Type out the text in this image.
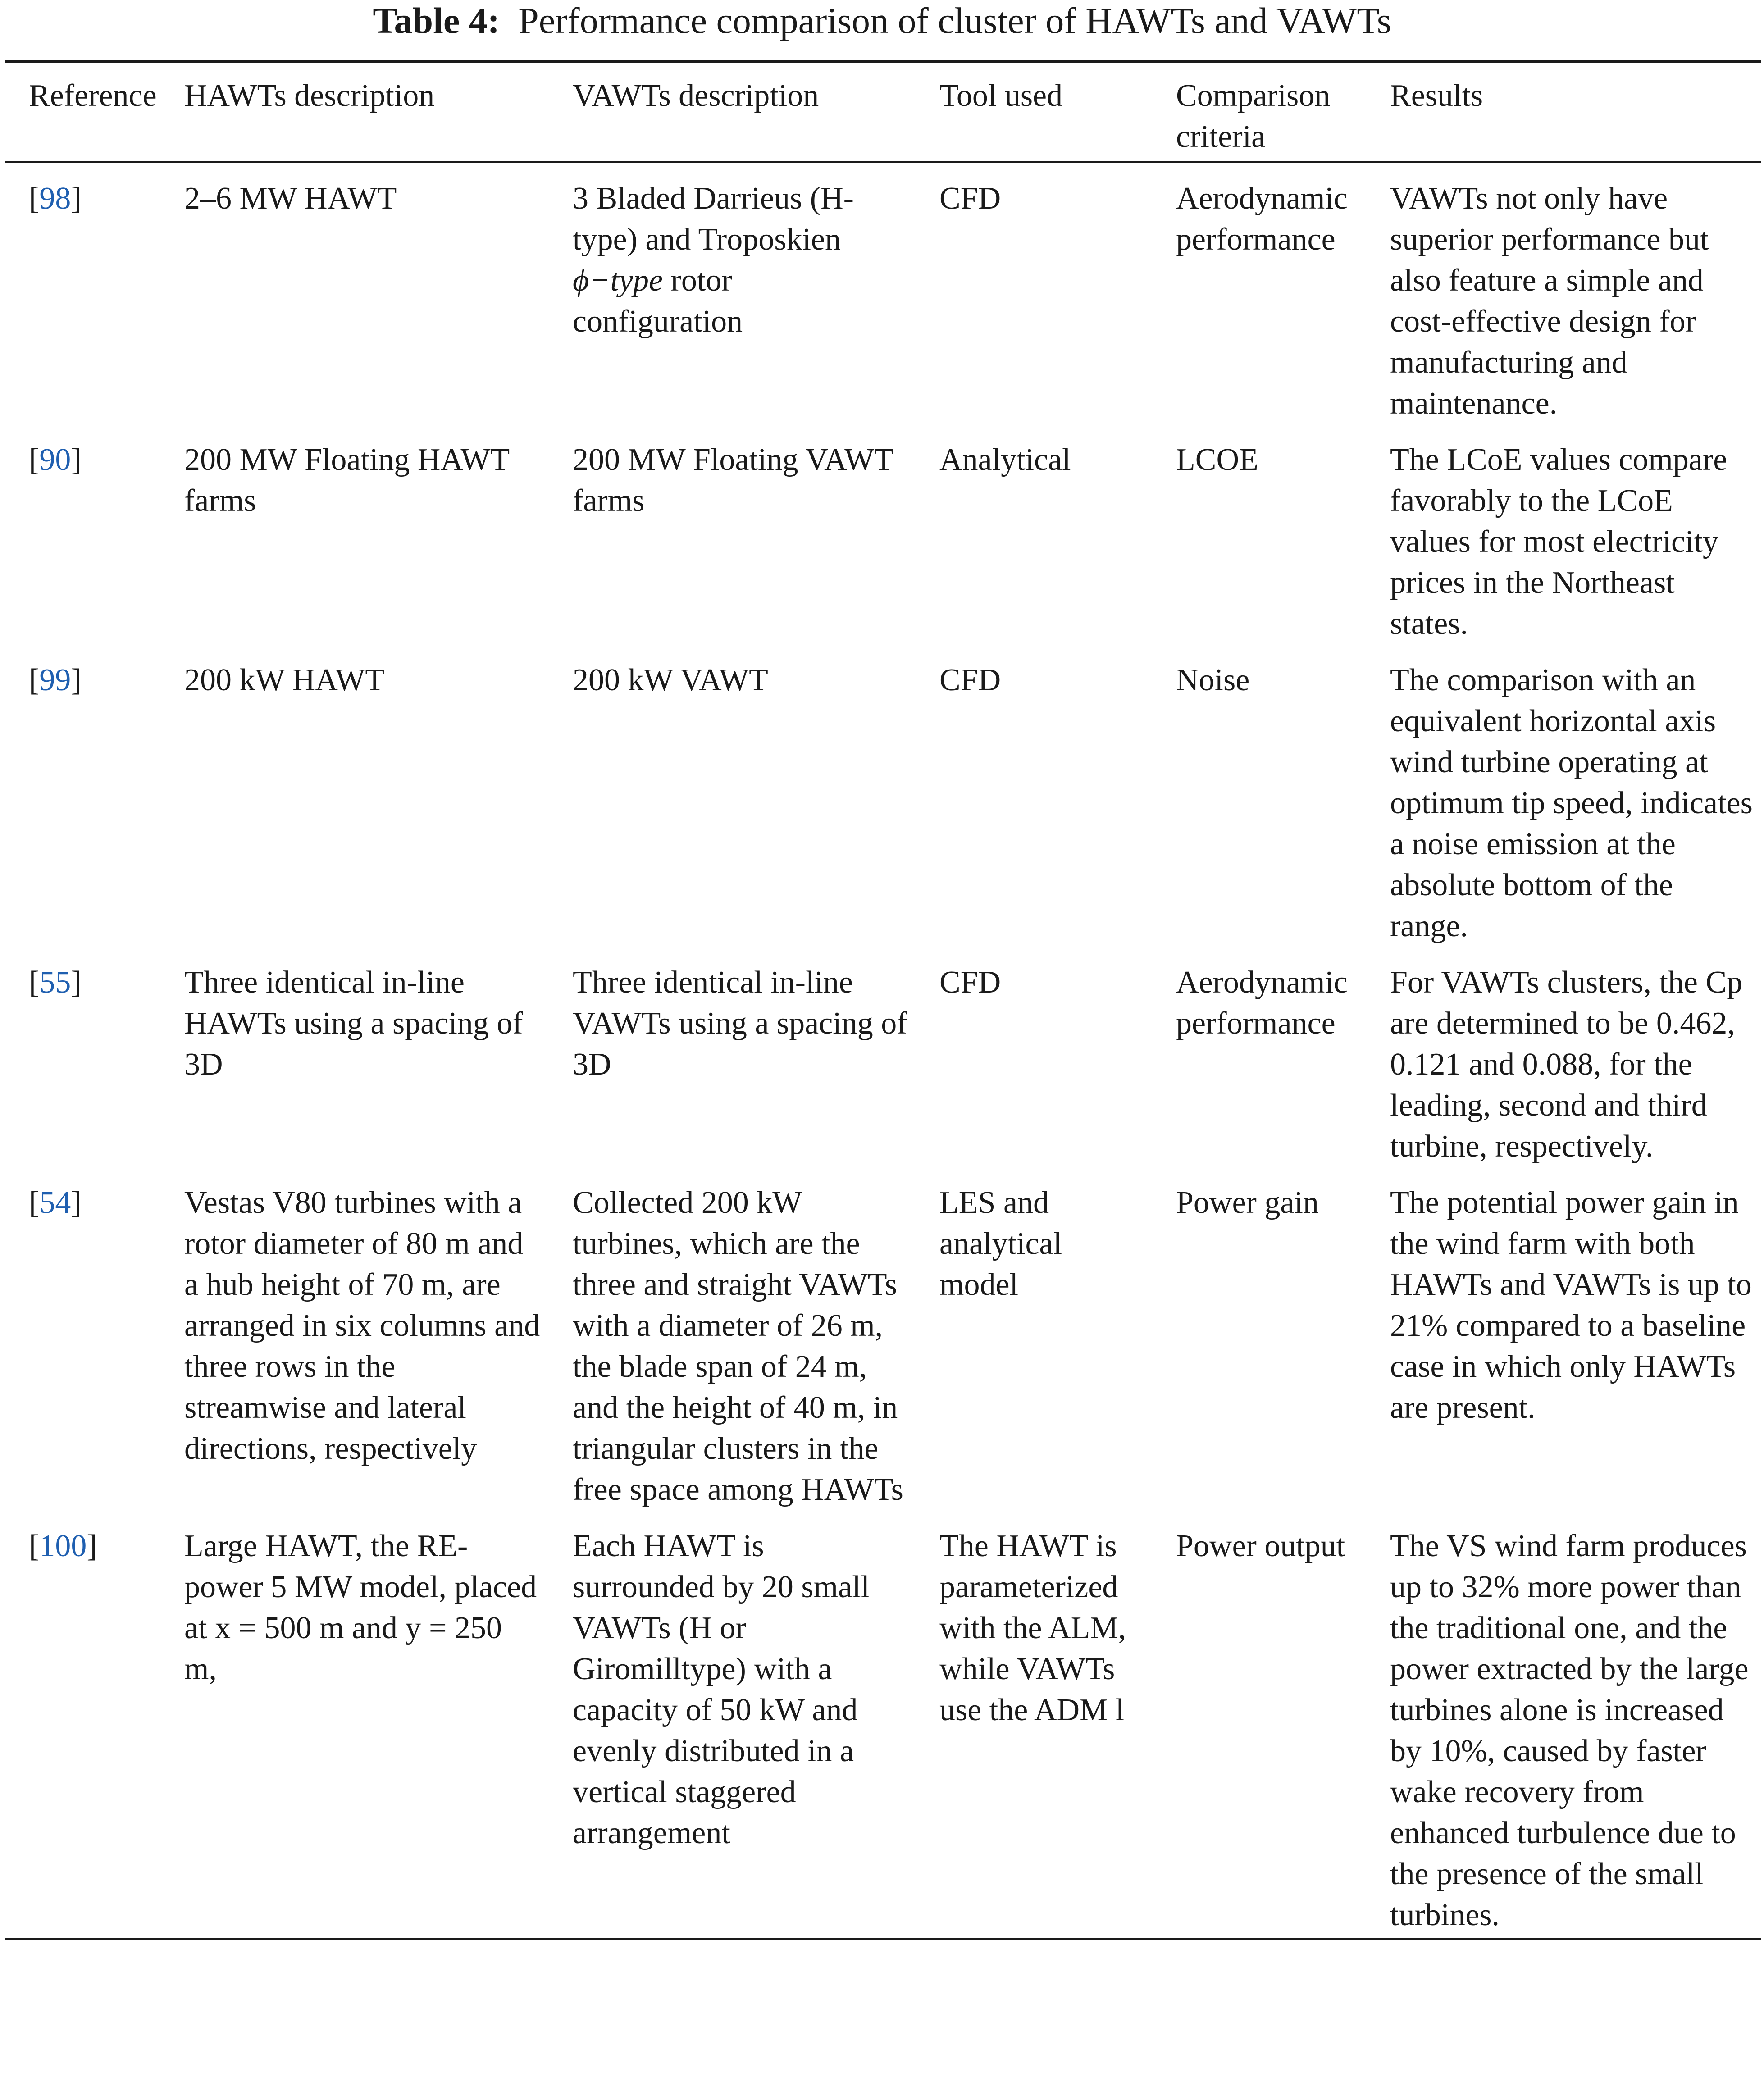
Table 4: Performance comparison of cluster of HAWTs and VAWTs
Reference	HAWTs description	VAWTs description	Tool used	Comparison criteria	Results
[98]	2–6 MW HAWT	3 Bladed Darrieus (H-type) and Troposkien ϕ−type rotor configuration	CFD	Aerodynamic performance	VAWTs not only have superior performance but also feature a simple and cost-effective design for manufacturing and maintenance.
[90]	200 MW Floating HAWT farms	200 MW Floating VAWT farms	Analytical	LCOE	The LCoE values compare favorably to the LCoE values for most electricity prices in the Northeast states.
[99]	200 kW HAWT	200 kW VAWT	CFD	Noise	The comparison with an equivalent horizontal axis wind turbine operating at optimum tip speed, indicates a noise emission at the absolute bottom of the range.
[55]	Three identical in-line HAWTs using a spacing of 3D	Three identical in-line VAWTs using a spacing of 3D	CFD	Aerodynamic performance	For VAWTs clusters, the Cp are determined to be 0.462, 0.121 and 0.088, for the leading, second and third turbine, respectively.
[54]	Vestas V80 turbines with a rotor diameter of 80 m and a hub height of 70 m, are arranged in six columns and three rows in the streamwise and lateral directions, respectively	Collected 200 kW turbines, which are the three and straight VAWTs with a diameter of 26 m, the blade span of 24 m, and the height of 40 m, in triangular clusters in the free space among HAWTs	LES and analytical model	Power gain	The potential power gain in the wind farm with both HAWTs and VAWTs is up to 21% compared to a baseline case in which only HAWTs are present.
[100]	Large HAWT, the RE-power 5 MW model, placed at x = 500 m and y = 250 m,	Each HAWT is surrounded by 20 small VAWTs (H or Giromilltype) with a capacity of 50 kW and evenly distributed in a vertical staggered arrangement	The HAWT is parameterized with the ALM, while VAWTs use the ADM l	Power output	The VS wind farm produces up to 32% more power than the traditional one, and the power extracted by the large turbines alone is increased by 10%, caused by faster wake recovery from enhanced turbulence due to the presence of the small turbines.
